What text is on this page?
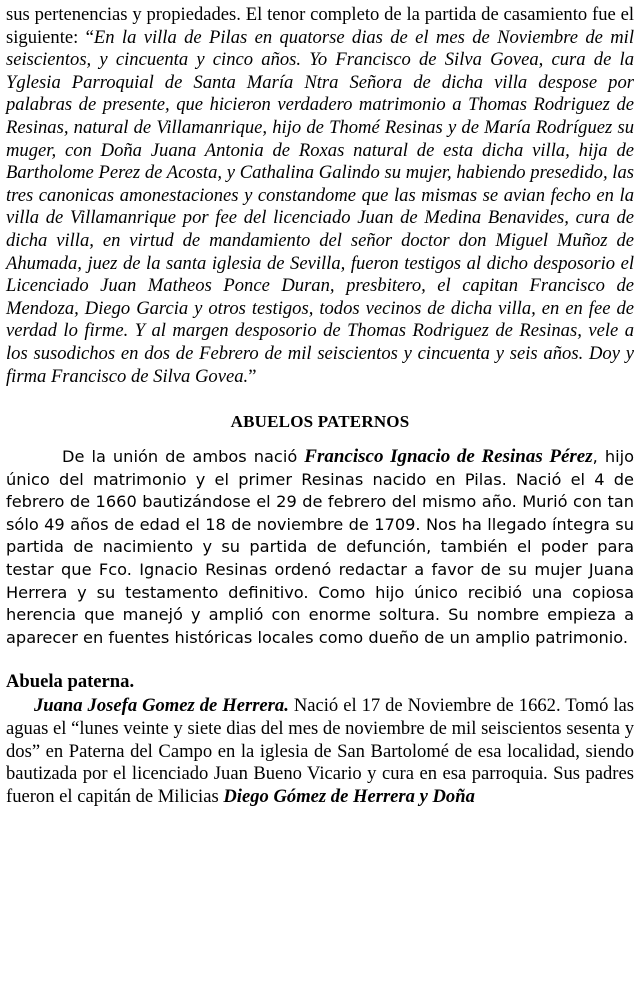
sus pertenencias y propiedades. El tenor completo de la partida de casamiento fue el siguiente: “En la villa de Pilas en quatorse dias de el mes de Noviembre de mil seiscientos, y cincuenta y cinco años. Yo Francisco de Silva Govea, cura de la Yglesia Parroquial de Santa María Ntra Señora de dicha villa despose por palabras de presente, que hicieron verdadero matrimonio a Thomas Rodriguez de Resinas, natural de Villamanrique, hijo de Thomé Resinas y de María Rodríguez su muger, con Doña Juana Antonia de Roxas natural de esta dicha villa, hija de Bartholome Perez de Acosta, y Cathalina Galindo su mujer, habiendo presedido, las tres canonicas amonestaciones y constandome que las mismas se avian fecho en la villa de Villamanrique por fee del licenciado Juan de Medina Benavides, cura de dicha villa, en virtud de mandamiento del señor doctor don Miguel Muñoz de Ahumada, juez de la santa iglesia de Sevilla, fueron testigos al dicho desposorio el Licenciado Juan Matheos Ponce Duran, presbitero, el capitan Francisco de Mendoza, Diego Garcia y otros testigos, todos vecinos de dicha villa, en en fee de verdad lo firme. Y al margen desposorio de Thomas Rodriguez de Resinas, vele a los susodichos en dos de Febrero de mil seiscientos y cincuenta y seis años. Doy y firma Francisco de Silva Govea.”

ABUELOS PATERNOS

De la unión de ambos nació Francisco Ignacio de Resinas Pérez, hijo único del matrimonio y el primer Resinas nacido en Pilas. Nació el 4 de febrero de 1660 bautizándose el 29 de febrero del mismo año. Murió con tan sólo 49 años de edad el 18 de noviembre de 1709. Nos ha llegado íntegra su partida de nacimiento y su partida de defunción, también el poder para testar que Fco. Ignacio Resinas ordenó redactar a favor de su mujer Juana Herrera y su testamento definitivo. Como hijo único recibió una copiosa herencia que manejó y amplió con enorme soltura. Su nombre empieza a aparecer en fuentes históricas locales como dueño de un amplio patrimonio.

Abuela paterna.

Juana Josefa Gomez de Herrera. Nació el 17 de Noviembre de 1662. Tomó las aguas el “lunes veinte y siete dias del mes de noviembre de mil seiscientos sesenta y dos” en Paterna del Campo en la iglesia de San Bartolomé de esa localidad, siendo bautizada por el licenciado Juan Bueno Vicario y cura en esa parroquia. Sus padres fueron el capitán de Milicias Diego Gómez de Herrera y Doña
